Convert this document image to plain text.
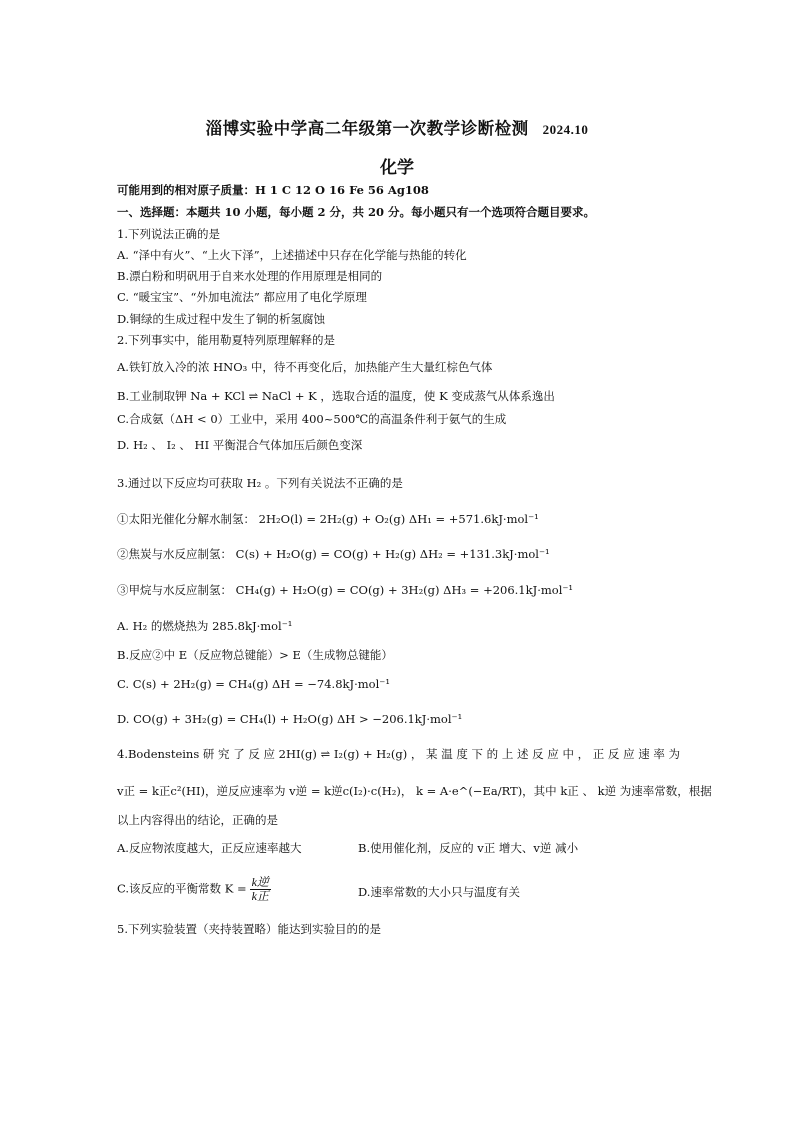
淄博实验中学高二年级第一次教学诊断检测 2024.10
化学
可能用到的相对原子质量：H 1 C 12 O 16 Fe 56 Ag108
一、选择题：本题共 10 小题，每小题 2 分，共 20 分。每小题只有一个选项符合题目要求。
1.下列说法正确的是
A. “泽中有火”、“上火下泽”，上述描述中只存在化学能与热能的转化
B.漂白粉和明矾用于自来水处理的作用原理是相同的
C. “暖宝宝”、“外加电流法” 都应用了电化学原理
D.铜绿的生成过程中发生了铜的析氢腐蚀
2.下列事实中，能用勒夏特列原理解释的是
A.铁钉放入冷的浓 HNO₃ 中，待不再变化后，加热能产生大量红棕色气体
B.工业制取钾 Na + KCl ⇌ NaCl + K ，选取合适的温度，使 K 变成蒸气从体系逸出
C.合成氨（ΔH < 0）工业中，采用 400~500℃的高温条件利于氨气的生成
D. H₂ 、 I₂ 、 HI 平衡混合气体加压后颜色变深
3.通过以下反应均可获取 H₂ 。下列有关说法不正确的是
①太阳光催化分解水制氢： 2H₂O(l) = 2H₂(g) + O₂(g) ΔH₁ = +571.6kJ·mol⁻¹
②焦炭与水反应制氢： C(s) + H₂O(g) = CO(g) + H₂(g) ΔH₂ = +131.3kJ·mol⁻¹
③甲烷与水反应制氢： CH₄(g) + H₂O(g) = CO(g) + 3H₂(g) ΔH₃ = +206.1kJ·mol⁻¹
A. H₂ 的燃烧热为 285.8kJ·mol⁻¹
B.反应②中 E（反应物总键能）> E（生成物总键能）
C. C(s) + 2H₂(g) = CH₄(g) ΔH = −74.8kJ·mol⁻¹
D. CO(g) + 3H₂(g) = CH₄(l) + H₂O(g) ΔH > −206.1kJ·mol⁻¹
4.Bodensteins 研 究 了 反 应 2HI(g) ⇌ I₂(g) + H₂(g) ， 某 温 度 下 的 上 述 反 应 中 ， 正 反 应 速 率 为
v正 = k正c²(HI)，逆反应速率为 v逆 = k逆c(I₂)·c(H₂)， k = A·e^(−Ea/RT)，其中 k正 、 k逆 为速率常数，根据
以上内容得出的结论，正确的是
A.反应物浓度越大，正反应速率越大	B.使用催化剂，反应的 v正 增大、v逆 减小
C.该反应的平衡常数 $K = \frac{\text{k逆}}{\text{k正}}$	D.速率常数的大小只与温度有关
5.下列实验装置（夹持装置略）能达到实验目的的是
